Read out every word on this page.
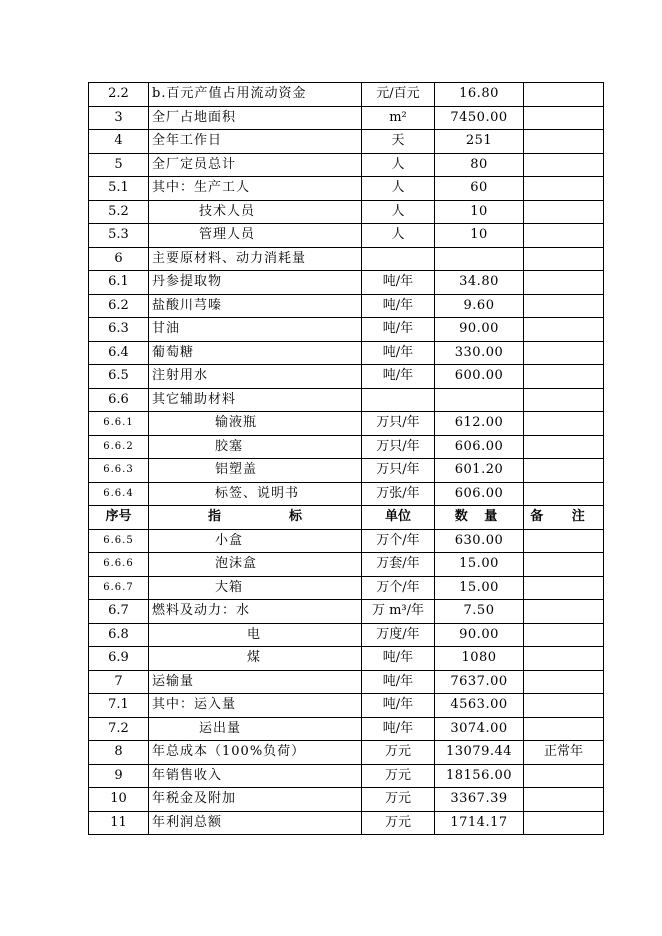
2.2	b.百元产值占用流动资金	元/百元	16.80	
3	全厂占地面积	m²	7450.00	
4	全年工作日	天	251	
5	全厂定员总计	人	80	
5.1	其中：生产工人	人	60	
5.2	技术人员	人	10	
5.3	管理人员	人	10	
6	主要原材料、动力消耗量			
6.1	丹参提取物	吨/年	34.80	
6.2	盐酸川芎嗪	吨/年	9.60	
6.3	甘油	吨/年	90.00	
6.4	葡萄糖	吨/年	330.00	
6.5	注射用水	吨/年	600.00	
6.6	其它辅助材料			
6.6.1	输液瓶	万只/年	612.00	
6.6.2	胶塞	万只/年	606.00	
6.6.3	铝塑盖	万只/年	601.20	
6.6.4	标签、说明书	万张/年	606.00	
序号	指 标	单位	数 量	备 注
6.6.5	小盒	万个/年	630.00	
6.6.6	泡沫盒	万套/年	15.00	
6.6.7	大箱	万个/年	15.00	
6.7	燃料及动力：水	万 m³/年	7.50	
6.8	电	万度/年	90.00	
6.9	煤	吨/年	1080	
7	运输量	吨/年	7637.00	
7.1	其中：运入量	吨/年	4563.00	
7.2	运出量	吨/年	3074.00	
8	年总成本（100%负荷）	万元	13079.44	正常年
9	年销售收入	万元	18156.00	
10	年税金及附加	万元	3367.39	
11	年利润总额	万元	1714.17	
